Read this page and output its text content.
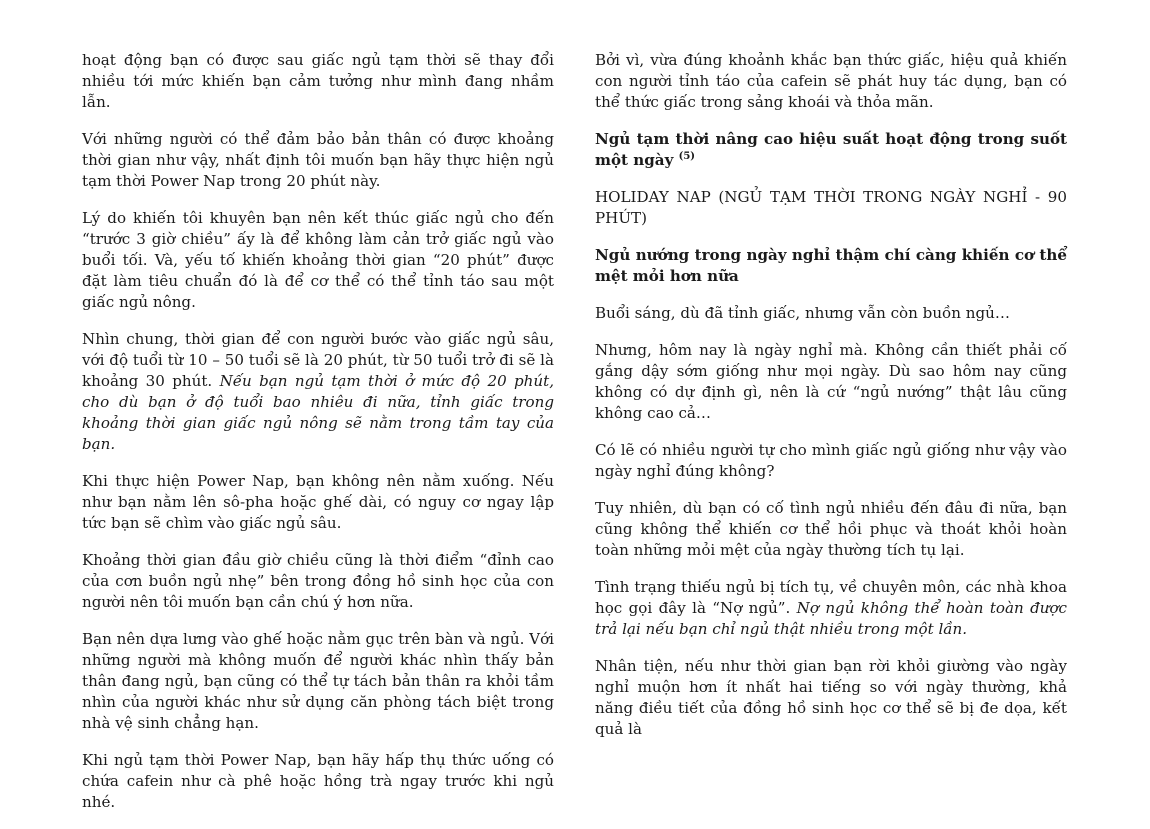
hoạt động bạn có được sau giấc ngủ tạm thời sẽ thay đổi nhiều tới mức khiến bạn cảm tưởng như mình đang nhầm lẫn.

Với những người có thể đảm bảo bản thân có được khoảng thời gian như vậy, nhất định tôi muốn bạn hãy thực hiện ngủ tạm thời Power Nap trong 20 phút này.

Lý do khiến tôi khuyên bạn nên kết thúc giấc ngủ cho đến “trước 3 giờ chiều” ấy là để không làm cản trở giấc ngủ vào buổi tối. Và, yếu tố khiến khoảng thời gian “20 phút” được đặt làm tiêu chuẩn đó là để cơ thể có thể tỉnh táo sau một giấc ngủ nông.

Nhìn chung, thời gian để con người bước vào giấc ngủ sâu, với độ tuổi từ 10 – 50 tuổi sẽ là 20 phút, từ 50 tuổi trở đi sẽ là khoảng 30 phút. Nếu bạn ngủ tạm thời ở mức độ 20 phút, cho dù bạn ở độ tuổi bao nhiêu đi nữa, tỉnh giấc trong khoảng thời gian giấc ngủ nông sẽ nằm trong tầm tay của bạn.

Khi thực hiện Power Nap, bạn không nên nằm xuống. Nếu như bạn nằm lên sô-pha hoặc ghế dài, có nguy cơ ngay lập tức bạn sẽ chìm vào giấc ngủ sâu.

Khoảng thời gian đầu giờ chiều cũng là thời điểm “đỉnh cao của cơn buồn ngủ nhẹ” bên trong đồng hồ sinh học của con người nên tôi muốn bạn cần chú ý hơn nữa.

Bạn nên dựa lưng vào ghế hoặc nằm gục trên bàn và ngủ. Với những người mà không muốn để người khác nhìn thấy bản thân đang ngủ, bạn cũng có thể tự tách bản thân ra khỏi tầm nhìn của người khác như sử dụng căn phòng tách biệt trong nhà vệ sinh chẳng hạn.

Khi ngủ tạm thời Power Nap, bạn hãy hấp thụ thức uống có chứa cafein như cà phê hoặc hồng trà ngay trước khi ngủ nhé.

Bởi vì, vừa đúng khoảnh khắc bạn thức giấc, hiệu quả khiến con người tỉnh táo của cafein sẽ phát huy tác dụng, bạn có thể thức giấc trong sảng khoái và thỏa mãn.

Ngủ tạm thời nâng cao hiệu suất hoạt động trong suốt một ngày $^{(5)}$

HOLIDAY NAP (NGỦ TẠM THỜI TRONG NGÀY NGHỈ - 90 PHÚT)

Ngủ nướng trong ngày nghỉ thậm chí càng khiến cơ thể mệt mỏi hơn nữa

Buổi sáng, dù đã tỉnh giấc, nhưng vẫn còn buồn ngủ…

Nhưng, hôm nay là ngày nghỉ mà. Không cần thiết phải cố gắng dậy sớm giống như mọi ngày. Dù sao hôm nay cũng không có dự định gì, nên là cứ “ngủ nướng” thật lâu cũng không cao cả…

Có lẽ có nhiều người tự cho mình giấc ngủ giống như vậy vào ngày nghỉ đúng không?

Tuy nhiên, dù bạn có cố tình ngủ nhiều đến đâu đi nữa, bạn cũng không thể khiến cơ thể hồi phục và thoát khỏi hoàn toàn những mỏi mệt của ngày thường tích tụ lại.

Tình trạng thiếu ngủ bị tích tụ, về chuyên môn, các nhà khoa học gọi đây là “Nợ ngủ”. Nợ ngủ không thể hoàn toàn được trả lại nếu bạn chỉ ngủ thật nhiều trong một lần.

Nhân tiện, nếu như thời gian bạn rời khỏi giường vào ngày nghỉ muộn hơn ít nhất hai tiếng so với ngày thường, khả năng điều tiết của đồng hồ sinh học cơ thể sẽ bị đe dọa, kết quả là
